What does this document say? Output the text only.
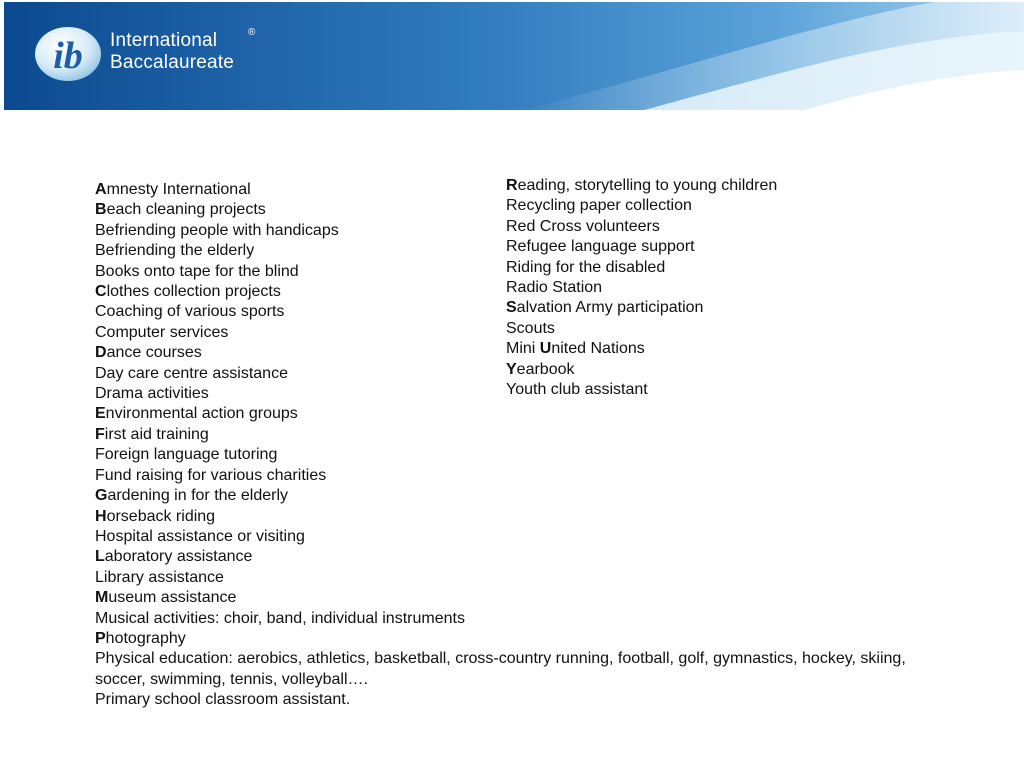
ib International
Baccalaureate
®
Amnesty International
Beach cleaning projects
Befriending people with handicaps
Befriending the elderly
Books onto tape for the blind
Clothes collection projects
Coaching of various sports
Computer services
Dance courses
Day care centre assistance
Drama activities
Environmental action groups
First aid training
Foreign language tutoring
Fund raising for various charities
Gardening in for the elderly
Horseback riding
Hospital assistance or visiting
Laboratory assistance
Library assistance
Museum assistance
Musical activities: choir, band, individual instruments
Photography
Physical education: aerobics, athletics, basketball, cross-country running, football, golf, gymnastics, hockey, skiing, soccer, swimming, tennis, volleyball….
Primary school classroom assistant.
Reading, storytelling to young children
Recycling paper collection
Red Cross volunteers
Refugee language support
Riding for the disabled
Radio Station
Salvation Army participation
Scouts
Mini United Nations
Yearbook
Youth club assistant
